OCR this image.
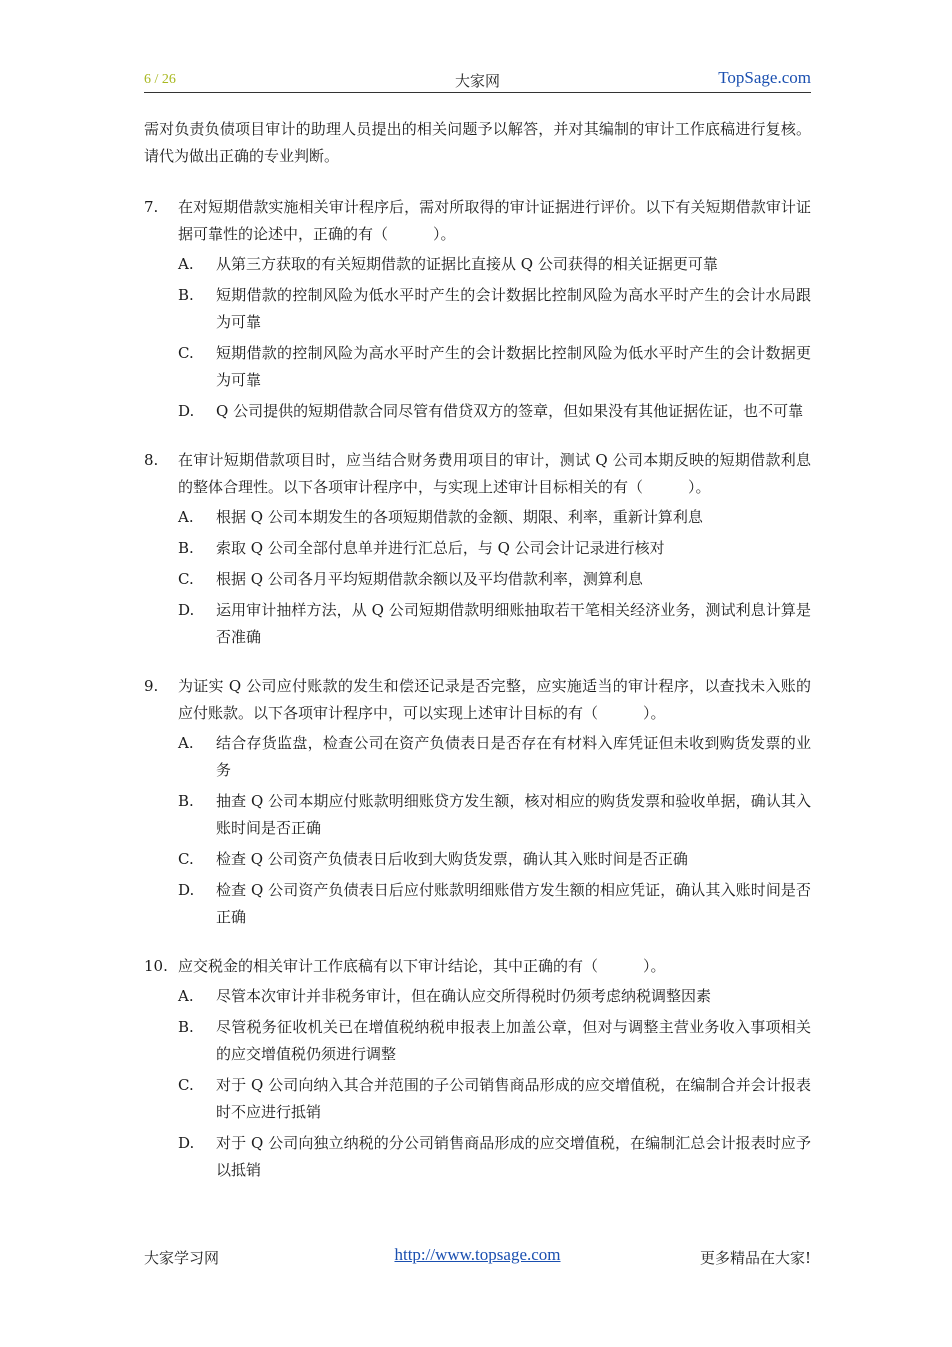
6 / 26	大家网	TopSage.com

需对负责负债项目审计的助理人员提出的相关问题予以解答，并对其编制的审计工作底稿进行复核。请代为做出正确的专业判断。

7.	在对短期借款实施相关审计程序后，需对所取得的审计证据进行评价。以下有关短期借款审计证据可靠性的论述中，正确的有（　　　）。
A.	从第三方获取的有关短期借款的证据比直接从 Q 公司获得的相关证据更可靠
B.	短期借款的控制风险为低水平时产生的会计数据比控制风险为高水平时产生的会计水局跟为可靠
C.	短期借款的控制风险为高水平时产生的会计数据比控制风险为低水平时产生的会计数据更为可靠
D.	Q 公司提供的短期借款合同尽管有借贷双方的签章，但如果没有其他证据佐证，也不可靠
8.	在审计短期借款项目时，应当结合财务费用项目的审计，测试 Q 公司本期反映的短期借款利息的整体合理性。以下各项审计程序中，与实现上述审计目标相关的有（　　　）。
A.	根据 Q 公司本期发生的各项短期借款的金额、期限、利率，重新计算利息
B.	索取 Q 公司全部付息单并进行汇总后，与 Q 公司会计记录进行核对
C.	根据 Q 公司各月平均短期借款余额以及平均借款利率，测算利息
D.	运用审计抽样方法，从 Q 公司短期借款明细账抽取若干笔相关经济业务，测试利息计算是否准确
9.	为证实 Q 公司应付账款的发生和偿还记录是否完整，应实施适当的审计程序，以查找未入账的应付账款。以下各项审计程序中，可以实现上述审计目标的有（　　　）。
A.	结合存货监盘，检查公司在资产负债表日是否存在有材料入库凭证但未收到购货发票的业务
B.	抽查 Q 公司本期应付账款明细账贷方发生额，核对相应的购货发票和验收单据，确认其入账时间是否正确
C.	检查 Q 公司资产负债表日后收到大购货发票，确认其入账时间是否正确
D.	检查 Q 公司资产负债表日后应付账款明细账借方发生额的相应凭证，确认其入账时间是否正确
10. 应交税金的相关审计工作底稿有以下审计结论，其中正确的有（　　　）。
A.	尽管本次审计并非税务审计，但在确认应交所得税时仍须考虑纳税调整因素
B.	尽管税务征收机关已在增值税纳税申报表上加盖公章，但对与调整主营业务收入事项相关的应交增值税仍须进行调整
C.	对于 Q 公司向纳入其合并范围的子公司销售商品形成的应交增值税，在编制合并会计报表时不应进行抵销
D.	对于 Q 公司向独立纳税的分公司销售商品形成的应交增值税，在编制汇总会计报表时应予以抵销
大家学习网	http://www.topsage.com	更多精品在大家!
